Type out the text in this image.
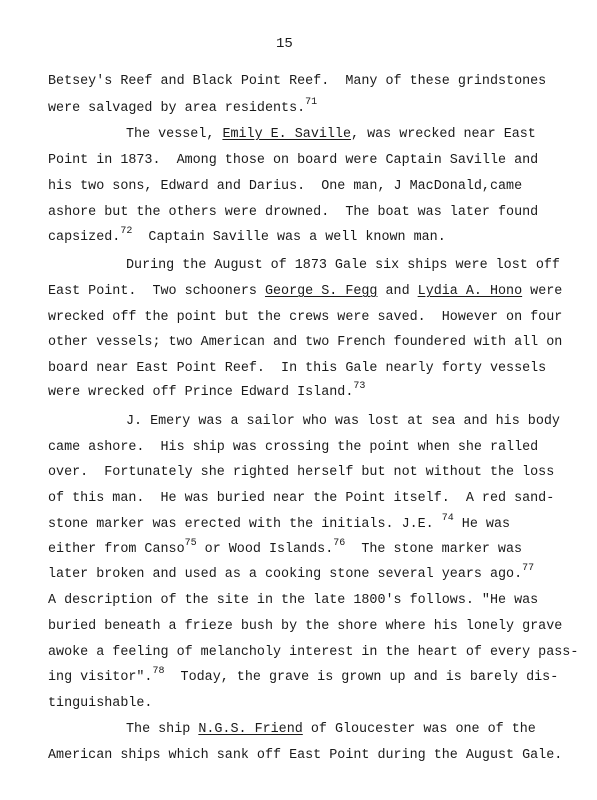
15
Betsey's Reef and Black Point Reef.  Many of these grindstones
were salvaged by area residents.$^{71}$
The vessel, Emily E. Saville, was wrecked near East
Point in 1873.  Among those on board were Captain Saville and
his two sons, Edward and Darius.  One man, J MacDonald,came
ashore but the others were drowned.  The boat was later found
capsized.$^{72}$  Captain Saville was a well known man.
During the August of 1873 Gale six ships were lost off
East Point.  Two schooners George S. Fegg and Lydia A. Hono were
wrecked off the point but the crews were saved.  However on four
other vessels; two American and two French foundered with all on
board near East Point Reef.  In this Gale nearly forty vessels
were wrecked off Prince Edward Island.$^{73}$
J. Emery was a sailor who was lost at sea and his body
came ashore.  His ship was crossing the point when she ralled
over.  Fortunately she righted herself but not without the loss
of this man.  He was buried near the Point itself.  A red sand-
stone marker was erected with the initials. J.E. $^{74}$ He was
either from Canso$^{75}$ or Wood Islands.$^{76}$  The stone marker was
later broken and used as a cooking stone several years ago.$^{77}$
A description of the site in the late 1800's follows. "He was
buried beneath a frieze bush by the shore where his lonely grave
awoke a feeling of melancholy interest in the heart of every pass-
ing visitor".$^{78}$  Today, the grave is grown up and is barely dis-
tinguishable.
The ship N.G.S. Friend of Gloucester was one of the
American ships which sank off East Point during the August Gale.
